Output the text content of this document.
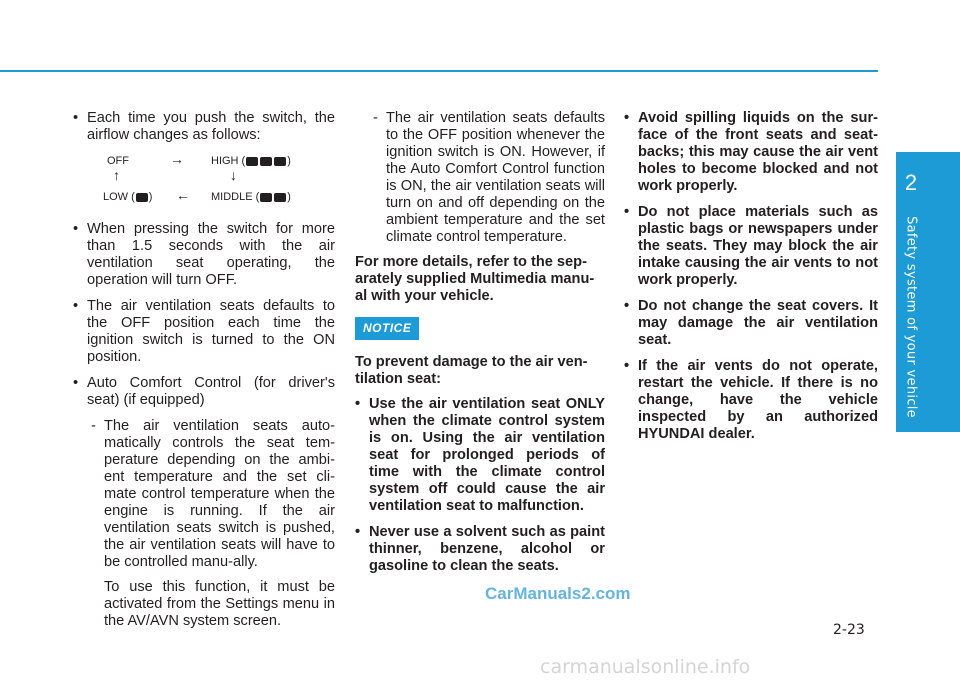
2
Safety system of your vehicle
• Each time you push the switch, the airflow changes as follows:
OFF	→ HIGH (	)
↑	↓
LOW ( ) ← MIDDLE (	)
• When pressing the switch for more than 1.5 seconds with the air ventilation seat operating, the operation will turn OFF.
• The air ventilation seats defaults to the OFF position each time the ignition switch is turned to the ON position.
• Auto Comfort Control (for driver's seat) (if equipped)
- The air ventilation seats auto-matically controls the seat tem-perature depending on the ambi-ent temperature and the set cli-mate control temperature when the engine is running. If the air ventilation seats switch is pushed, the air ventilation seats will have to be controlled manu-ally.
To use this function, it must be activated from the Settings menu in the AV/AVN system screen.
- The air ventilation seats defaults to the OFF position whenever the ignition switch is ON. However, if the Auto Comfort Control function is ON, the air ventilation seats will turn on and off depending on the ambient temperature and the set climate control temperature.

For more details, refer to the sep-arately supplied Multimedia manu-al with your vehicle.

NOTICE

To prevent damage to the air ven-tilation seat:

• Use the air ventilation seat ONLY when the climate control system is on. Using the air ventilation seat for prolonged periods of time with the climate control system off could cause the air ventilation seat to malfunction.
• Never use a solvent such as paint thinner, benzene, alcohol or gasoline to clean the seats.
• Avoid spilling liquids on the sur-face of the front seats and seat-backs; this may cause the air vent holes to become blocked and not work properly.
• Do not place materials such as plastic bags or newspapers under the seats. They may block the air intake causing the air vents to not work properly.
• Do not change the seat covers. It may damage the air ventilation seat.
• If the air vents do not operate, restart the vehicle. If there is no change, have the vehicle inspected by an authorized HYUNDAI dealer.
CarManuals2.com
2-23
carmanualsonline.info
